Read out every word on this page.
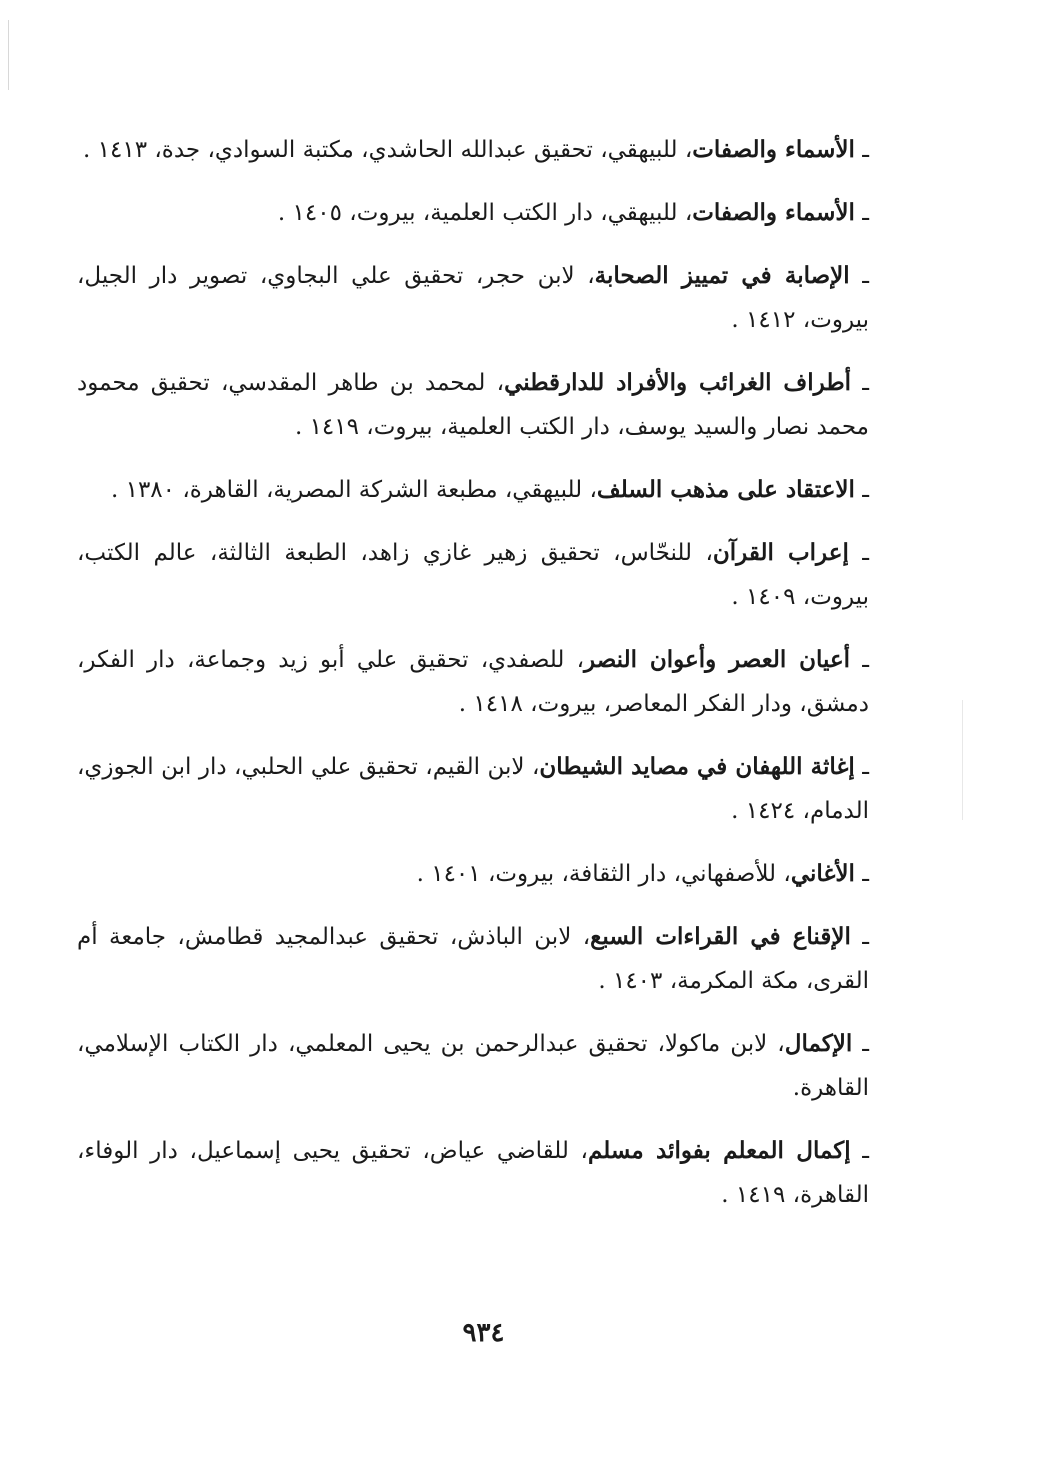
ـ الأسماء والصفات، للبيهقي، تحقيق عبدالله الحاشدي، مكتبة السوادي، جدة، ١٤١٣ .
ـ الأسماء والصفات، للبيهقي، دار الكتب العلمية، بيروت، ١٤٠٥ .
ـ الإصابة في تمييز الصحابة، لابن حجر، تحقيق علي البجاوي، تصوير دار الجيل، بيروت، ١٤١٢ .
ـ أطراف الغرائب والأفراد للدارقطني، لمحمد بن طاهر المقدسي، تحقيق محمود محمد نصار والسيد يوسف، دار الكتب العلمية، بيروت، ١٤١٩ .
ـ الاعتقاد على مذهب السلف، للبيهقي، مطبعة الشركة المصرية، القاهرة، ١٣٨٠ .
ـ إعراب القرآن، للنحّاس، تحقيق زهير غازي زاهد، الطبعة الثالثة، عالم الكتب، بيروت، ١٤٠٩ .
ـ أعيان العصر وأعوان النصر، للصفدي، تحقيق علي أبو زيد وجماعة، دار الفكر، دمشق، ودار الفكر المعاصر، بيروت، ١٤١٨ .
ـ إغاثة اللهفان في مصايد الشيطان، لابن القيم، تحقيق علي الحلبي، دار ابن الجوزي، الدمام، ١٤٢٤ .
ـ الأغاني، للأصفهاني، دار الثقافة، بيروت، ١٤٠١ .
ـ الإقناع في القراءات السبع، لابن الباذش، تحقيق عبدالمجيد قطامش، جامعة أم القرى، مكة المكرمة، ١٤٠٣ .
ـ الإكمال، لابن ماكولا، تحقيق عبدالرحمن بن يحيى المعلمي، دار الكتاب الإسلامي، القاهرة.
ـ إكمال المعلم بفوائد مسلم، للقاضي عياض، تحقيق يحيى إسماعيل، دار الوفاء، القاهرة، ١٤١٩ .
٩٣٤
